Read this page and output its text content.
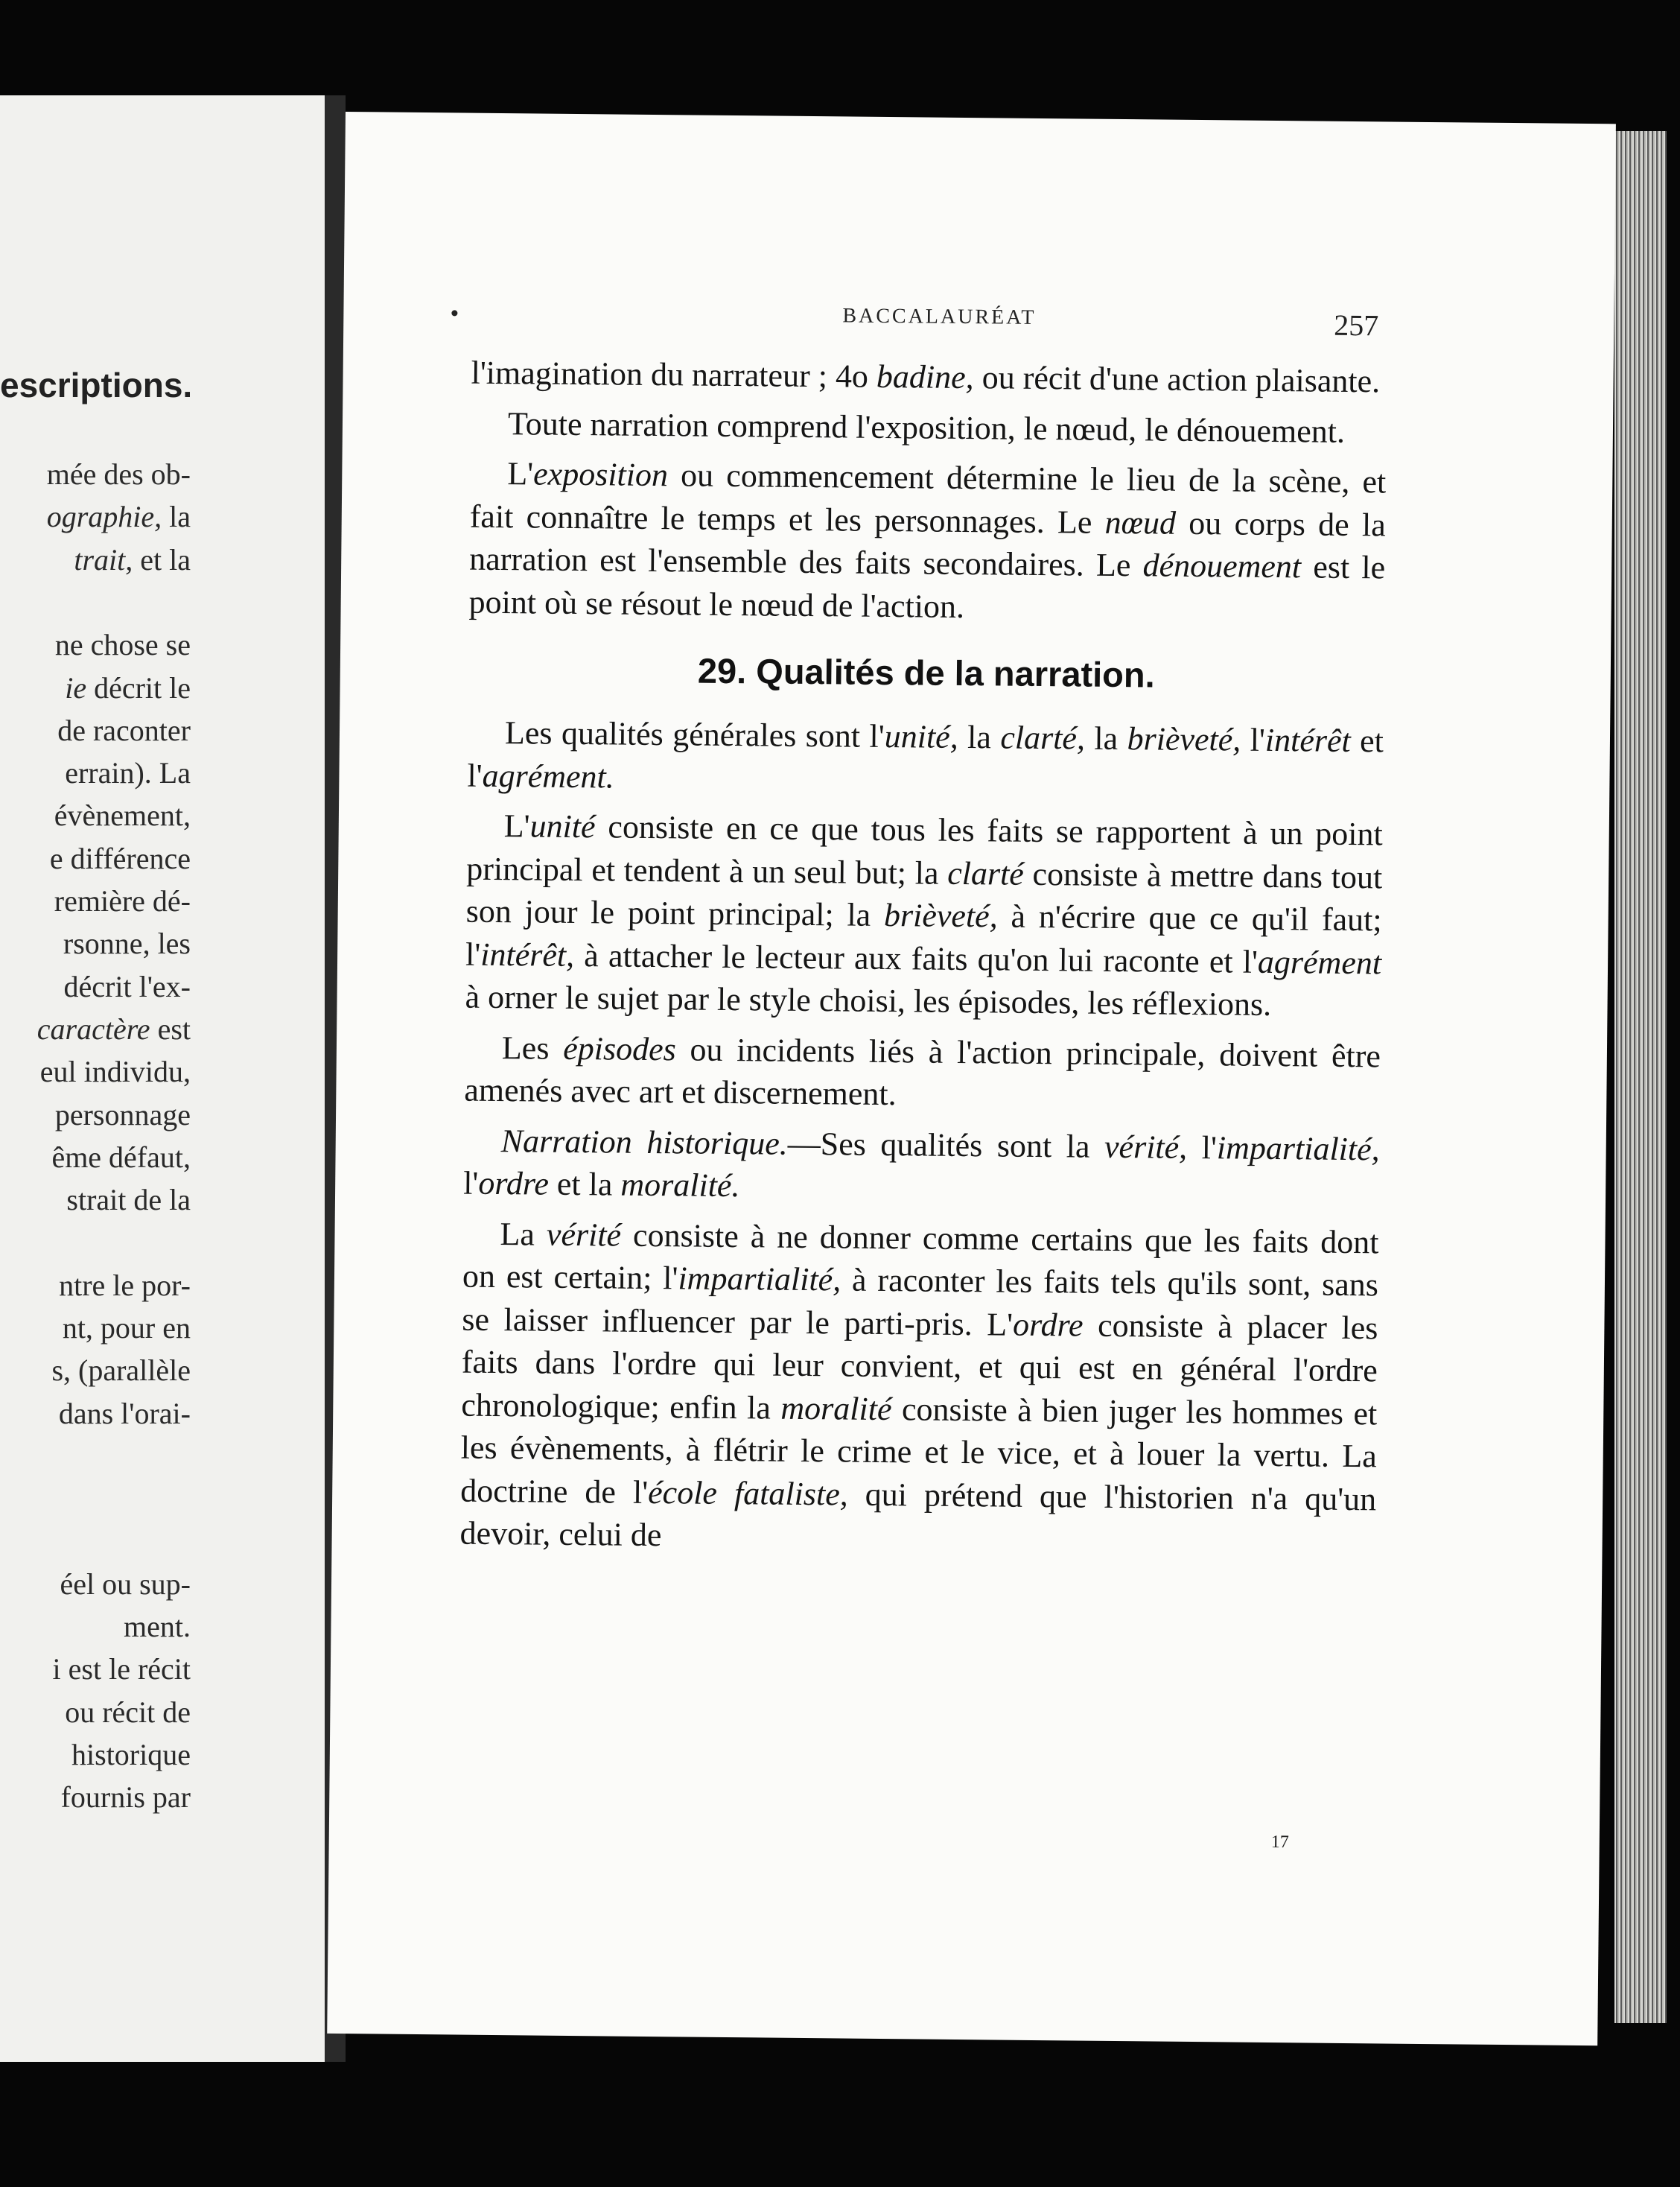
escriptions.
mée des ob-
ographie, la
trait, et la
ne chose se
ie décrit le
de raconter
errain). La
évènement,
e différence
remière dé-
rsonne, les
décrit l'ex-
caractère est
eul individu,
personnage
ême défaut,
strait de la
ntre le por-
nt, pour en
s, (parallèle
dans l'orai-
éel ou sup-
ment.
i est le récit
ou récit de
historique
fournis par
BACCALAURÉAT	257

l'imagination du narrateur ; 4o badine, ou récit d'une action plaisante.

Toute narration comprend l'exposition, le nœud, le dénouement.

L'exposition ou commencement détermine le lieu de la scène, et fait connaître le temps et les personnages. Le nœud ou corps de la narration est l'ensemble des faits secondaires. Le dénouement est le point où se résout le nœud de l'action.

29. Qualités de la narration.

Les qualités générales sont l'unité, la clarté, la brièveté, l'intérêt et l'agrément.

L'unité consiste en ce que tous les faits se rapportent à un point principal et tendent à un seul but; la clarté consiste à mettre dans tout son jour le point principal; la brièveté, à n'écrire que ce qu'il faut; l'intérêt, à attacher le lecteur aux faits qu'on lui raconte et l'agrément à orner le sujet par le style choisi, les épisodes, les réflexions.

Les épisodes ou incidents liés à l'action principale, doivent être amenés avec art et discernement.

Narration historique.—Ses qualités sont la vérité, l'impartialité, l'ordre et la moralité.

La vérité consiste à ne donner comme certains que les faits dont on est certain; l'impartialité, à raconter les faits tels qu'ils sont, sans se laisser influencer par le parti-pris. L'ordre consiste à placer les faits dans l'ordre qui leur convient, et qui est en général l'ordre chronologique; enfin la moralité consiste à bien juger les hommes et les évènements, à flétrir le crime et le vice, et à louer la vertu. La doctrine de l'école fataliste, qui prétend que l'historien n'a qu'un devoir, celui de

17
